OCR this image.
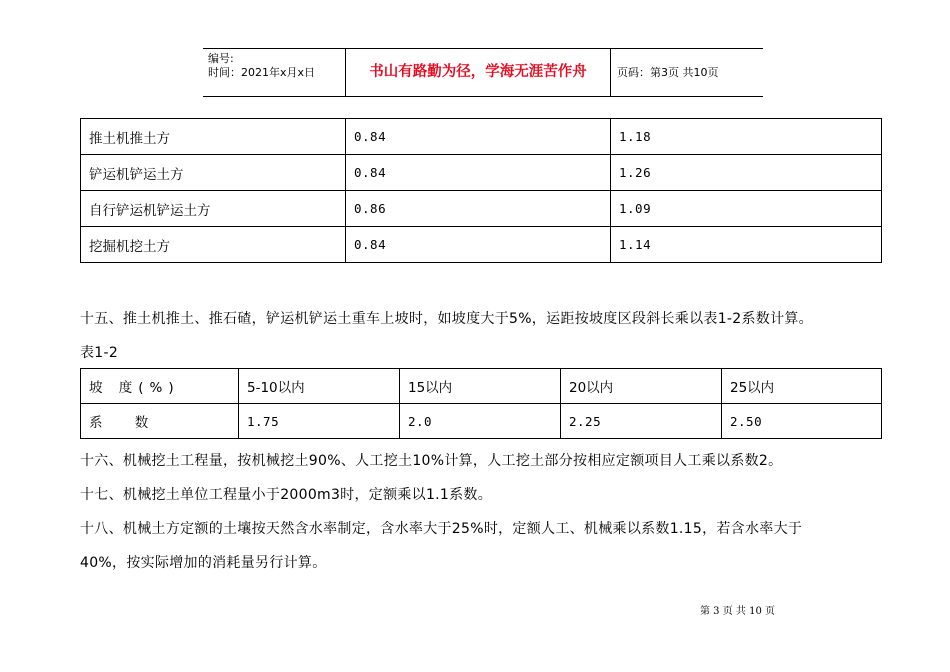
编号:
时间：2021年x月x日	书山有路勤为径，学海无涯苦作舟	页码：第3页 共10页
推土机推土方	0.84	1.18
铲运机铲运土方	0.84	1.26
自行铲运机铲运土方	0.86	1.09
挖掘机挖土方	0.84	1.14
十五、推土机推土、推石碴，铲运机铲运土重车上坡时，如坡度大于5%，运距按坡度区段斜长乘以表1-2系数计算。
表1-2
坡 度(%)	5-10以内	15以内	20以内	25以内
系 数	1.75	2.0	2.25	2.50
十六、机械挖土工程量，按机械挖土90%、人工挖土10%计算，人工挖土部分按相应定额项目人工乘以系数2。
十七、机械挖土单位工程量小于2000m3时，定额乘以1.1系数。
十八、机械土方定额的土壤按天然含水率制定，含水率大于25%时，定额人工、机械乘以系数1.15，若含水率大于
40%，按实际增加的消耗量另行计算。
第 3 页 共 10 页
